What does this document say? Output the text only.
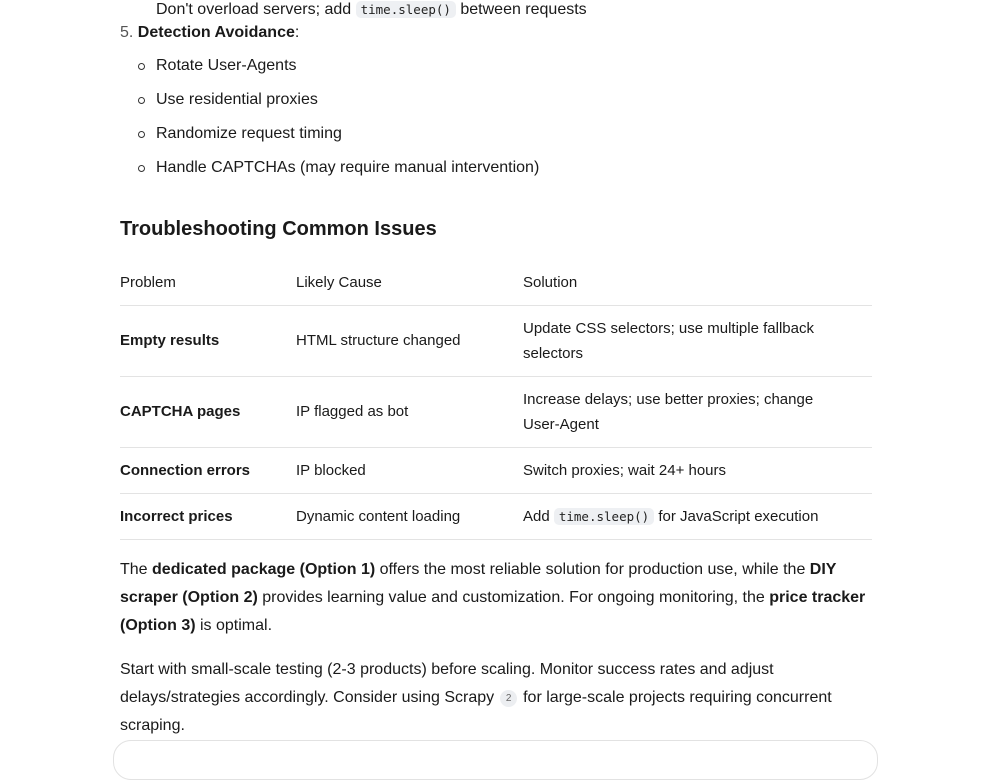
Don't overload servers; add time.sleep() between requests
5. Detection Avoidance:
Rotate User-Agents
Use residential proxies
Randomize request timing
Handle CAPTCHAs (may require manual intervention)
Troubleshooting Common Issues
Problem	Likely Cause	Solution
Empty results	HTML structure changed	Update CSS selectors; use multiple fallback selectors
CAPTCHA pages	IP flagged as bot	Increase delays; use better proxies; change User-Agent
Connection errors	IP blocked	Switch proxies; wait 24+ hours
Incorrect prices	Dynamic content loading	Add time.sleep() for JavaScript execution

The dedicated package (Option 1) offers the most reliable solution for production use, while the DIY scraper (Option 2) provides learning value and customization. For ongoing monitoring, the price tracker (Option 3) is optimal.

Start with small-scale testing (2-3 products) before scaling. Monitor success rates and adjust delays/strategies accordingly. Consider using Scrapy 2 for large-scale projects requiring concurrent scraping.
